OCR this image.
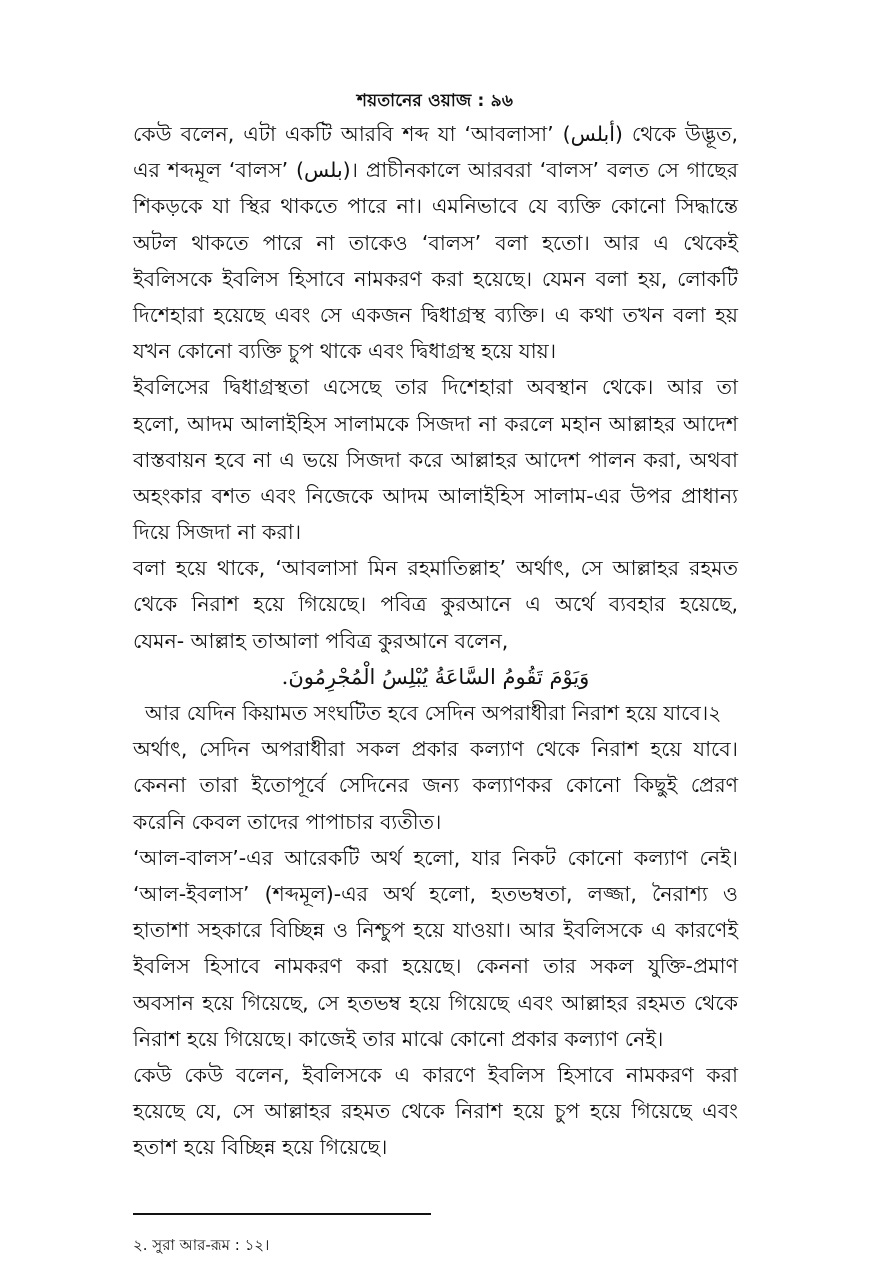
শয়তানের ওয়াজ : ৯৬
কেউ বলেন, এটা একটি আরবি শব্দ যা ‘আবলাসা’ (أبلس) থেকে উদ্ভূত,
এর শব্দমূল ‘বালস’ (بلس)। প্রাচীনকালে আরবরা ‘বালস’ বলত সে গাছের
শিকড়কে যা স্থির থাকতে পারে না। এমনিভাবে যে ব্যক্তি কোনো সিদ্ধান্তে
অটল থাকতে পারে না তাকেও ‘বালস’ বলা হতো। আর এ থেকেই
ইবলিসকে ইবলিস হিসাবে নামকরণ করা হয়েছে। যেমন বলা হয়, লোকটি
দিশেহারা হয়েছে এবং সে একজন দ্বিধাগ্রস্থ ব্যক্তি। এ কথা তখন বলা হয়
যখন কোনো ব্যক্তি চুপ থাকে এবং দ্বিধাগ্রস্থ হয়ে যায়।
ইবলিসের দ্বিধাগ্রস্থতা এসেছে তার দিশেহারা অবস্থান থেকে। আর তা
হলো, আদম আলাইহিস সালামকে সিজদা না করলে মহান আল্লাহর আদেশ
বাস্তবায়ন হবে না এ ভয়ে সিজদা করে আল্লাহর আদেশ পালন করা, অথবা
অহংকার বশত এবং নিজেকে আদম আলাইহিস সালাম-এর উপর প্রাধান্য
দিয়ে সিজদা না করা।
বলা হয়ে থাকে, ‘আবলাসা মিন রহমাতিল্লাহ’ অর্থাৎ, সে আল্লাহর রহমত
থেকে নিরাশ হয়ে গিয়েছে। পবিত্র কুরআনে এ অর্থে ব্যবহার হয়েছে,
যেমন- আল্লাহ তাআলা পবিত্র কুরআনে বলেন,
وَيَوْمَ تَقُومُ السَّاعَةُ يُبْلِسُ الْمُجْرِمُونَ.
আর যেদিন কিয়ামত সংঘটিত হবে সেদিন অপরাধীরা নিরাশ হয়ে যাবে।২
অর্থাৎ, সেদিন অপরাধীরা সকল প্রকার কল্যাণ থেকে নিরাশ হয়ে যাবে।
কেননা তারা ইতোপূর্বে সেদিনের জন্য কল্যাণকর কোনো কিছুই প্রেরণ
করেনি কেবল তাদের পাপাচার ব্যতীত।
‘আল-বালস’-এর আরেকটি অর্থ হলো, যার নিকট কোনো কল্যাণ নেই।
‘আল-ইবলাস’ (শব্দমূল)-এর অর্থ হলো, হতভম্বতা, লজ্জা, নৈরাশ্য ও
হাতাশা সহকারে বিচ্ছিন্ন ও নিশ্চুপ হয়ে যাওয়া। আর ইবলিসকে এ কারণেই
ইবলিস হিসাবে নামকরণ করা হয়েছে। কেননা তার সকল যুক্তি-প্রমাণ
অবসান হয়ে গিয়েছে, সে হতভম্ব হয়ে গিয়েছে এবং আল্লাহর রহমত থেকে
নিরাশ হয়ে গিয়েছে। কাজেই তার মাঝে কোনো প্রকার কল্যাণ নেই।
কেউ কেউ বলেন, ইবলিসকে এ কারণে ইবলিস হিসাবে নামকরণ করা
হয়েছে যে, সে আল্লাহর রহমত থেকে নিরাশ হয়ে চুপ হয়ে গিয়েছে এবং
হতাশ হয়ে বিচ্ছিন্ন হয়ে গিয়েছে।
২. সুরা আর-রূম : ১২।
